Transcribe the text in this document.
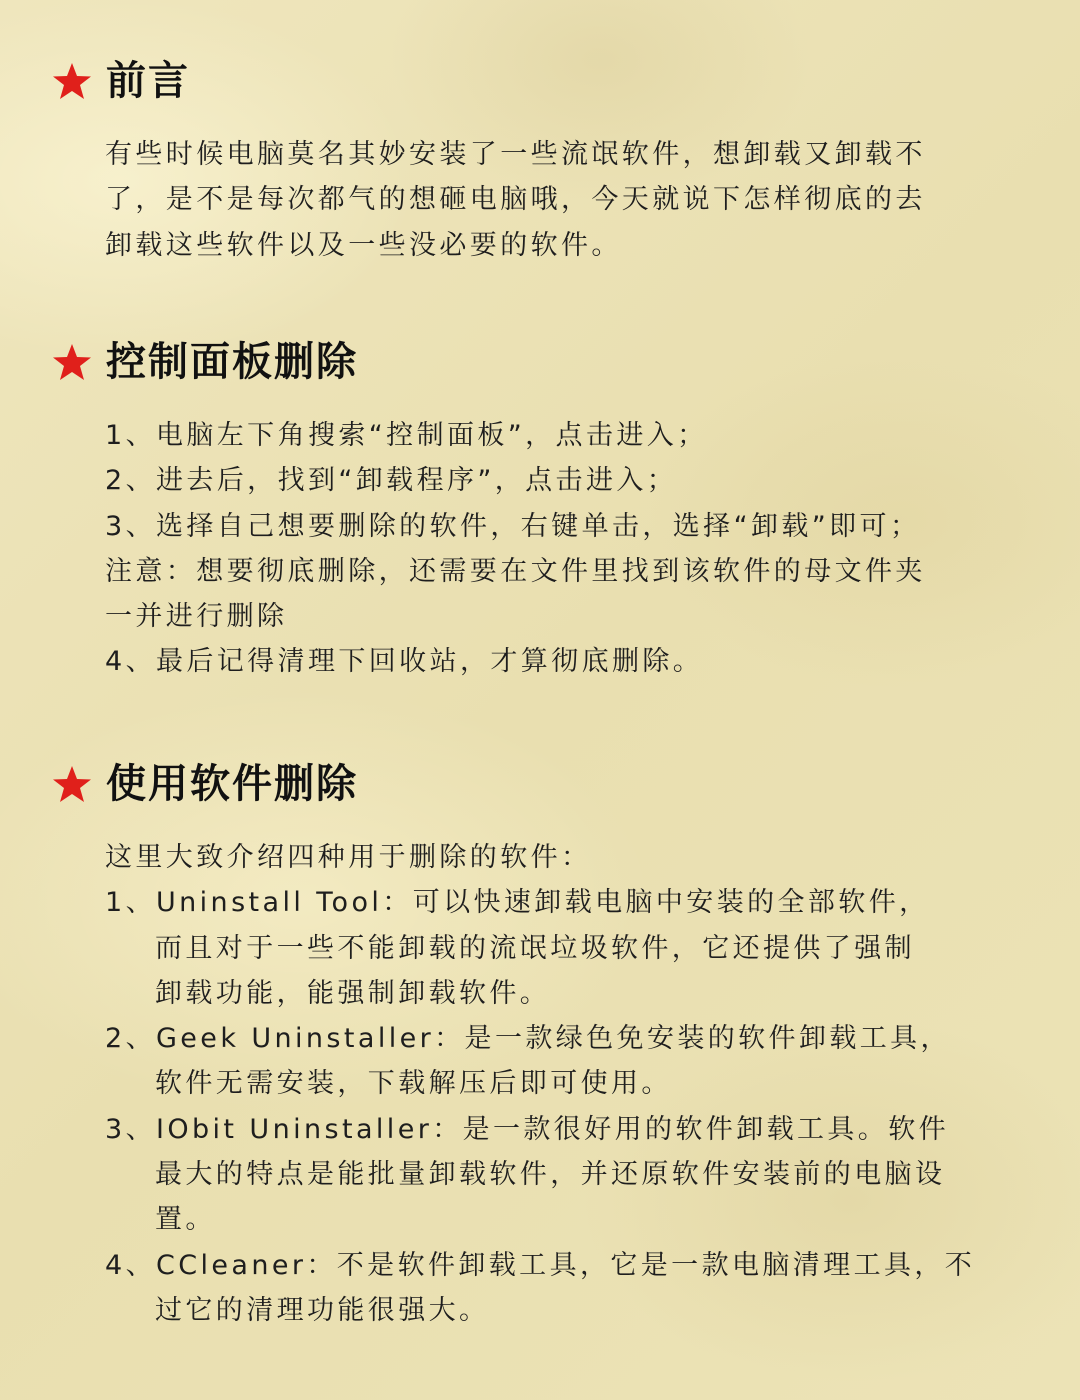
前言
有些时候电脑莫名其妙安装了一些流氓软件，想卸载又卸载不
了，是不是每次都气的想砸电脑哦，今天就说下怎样彻底的去
卸载这些软件以及一些没必要的软件。
控制面板删除
1、电脑左下角搜索“控制面板”，点击进入；
2、进去后，找到“卸载程序”，点击进入；
3、选择自己想要删除的软件，右键单击，选择“卸载”即可；
注意：想要彻底删除，还需要在文件里找到该软件的母文件夹
一并进行删除
4、最后记得清理下回收站，才算彻底删除。
使用软件删除
这里大致介绍四种用于删除的软件：
1、Uninstall Tool：可以快速卸载电脑中安装的全部软件，
而且对于一些不能卸载的流氓垃圾软件，它还提供了强制
卸载功能，能强制卸载软件。
2、Geek Uninstaller：是一款绿色免安装的软件卸载工具，
软件无需安装，下载解压后即可使用。
3、IObit Uninstaller：是一款很好用的软件卸载工具。软件
最大的特点是能批量卸载软件，并还原软件安装前的电脑设
置。
4、CCleaner：不是软件卸载工具，它是一款电脑清理工具，不
过它的清理功能很强大。
